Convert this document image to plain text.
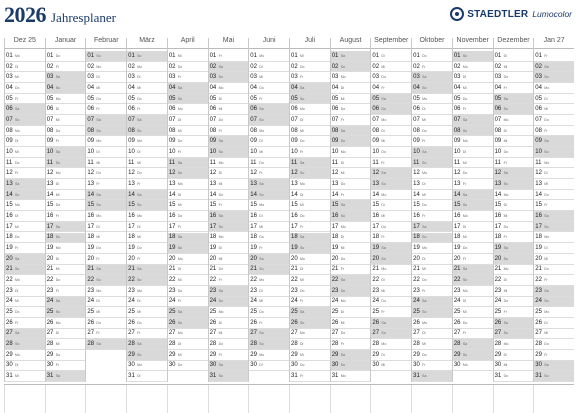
2026 Jahresplaner	STAEDTLER Lumocolor
Dez 25
01 Mo
02 Di
03 Mi
04 Do
05 Fr
06 Sa
07 So
08 Mo
09 Di
10 Mi
11 Do
12 Fr
13 Sa
14 So
15 Mo
16 Di
17 Mi
18 Do
19 Fr
20 Sa
21 So
22 Mo
23 Di
24 Mi
25 Do
26 Fr
27 Sa
28 So
29 Mo
30 Di
31 Mi
Januar
01 Do
02 Fr
03 Sa
04 So
05 Mo
06 Di
07 Mi
08 Do
09 Fr
10 Sa
11 So
12 Mo
13 Di
14 Mi
15 Do
16 Fr
17 Sa
18 So
19 Mo
20 Di
21 Mi
22 Do
23 Fr
24 Sa
25 So
26 Mo
27 Di
28 Mi
29 Do
30 Fr
31 Sa
Februar
01 So
02 Mo
03 Di
04 Mi
05 Do
06 Fr
07 Sa
08 So
09 Mo
10 Di
11 Mi
12 Do
13 Fr
14 Sa
15 So
16 Mo
17 Di
18 Mi
19 Do
20 Fr
21 Sa
22 So
23 Mo
24 Di
25 Mi
26 Do
27 Fr
28 Sa
März
01 So
02 Mo
03 Di
04 Mi
05 Do
06 Fr
07 Sa
08 So
09 Mo
10 Di
11 Mi
12 Do
13 Fr
14 Sa
15 So
16 Mo
17 Di
18 Mi
19 Do
20 Fr
21 Sa
22 So
23 Mo
24 Di
25 Mi
26 Do
27 Fr
28 Sa
29 So
30 Mo
31 Di
April
01 Mi
02 Do
03 Fr
04 Sa
05 So
06 Mo
07 Di
08 Mi
09 Do
10 Fr
11 Sa
12 So
13 Mo
14 Di
15 Mi
16 Do
17 Fr
18 Sa
19 So
20 Mo
21 Di
22 Mi
23 Do
24 Fr
25 Sa
26 So
27 Mo
28 Di
29 Mi
30 Do
Mai
01 Fr
02 Sa
03 So
04 Mo
05 Di
06 Mi
07 Do
08 Fr
09 Sa
10 So
11 Mo
12 Di
13 Mi
14 Do
15 Fr
16 Sa
17 So
18 Mo
19 Di
20 Mi
21 Do
22 Fr
23 Sa
24 So
25 Mo
26 Di
27 Mi
28 Do
29 Fr
30 Sa
31 So
Juni
01 Mo
02 Di
03 Mi
04 Do
05 Fr
06 Sa
07 So
08 Mo
09 Di
10 Mi
11 Do
12 Fr
13 Sa
14 So
15 Mo
16 Di
17 Mi
18 Do
19 Fr
20 Sa
21 So
22 Mo
23 Di
24 Mi
25 Do
26 Fr
27 Sa
28 So
29 Mo
30 Di
Juli
01 Mi
02 Do
03 Fr
04 Sa
05 So
06 Mo
07 Di
08 Mi
09 Do
10 Fr
11 Sa
12 So
13 Mo
14 Di
15 Mi
16 Do
17 Fr
18 Sa
19 So
20 Mo
21 Di
22 Mi
23 Do
24 Fr
25 Sa
26 So
27 Mo
28 Di
29 Mi
30 Do
31 Fr
August
01 Sa
02 So
03 Mo
04 Di
05 Mi
06 Do
07 Fr
08 Sa
09 So
10 Mo
11 Di
12 Mi
13 Do
14 Fr
15 Sa
16 So
17 Mo
18 Di
19 Mi
20 Do
21 Fr
22 Sa
23 So
24 Mo
25 Di
26 Mi
27 Do
28 Fr
29 Sa
30 So
31 Mo
September
01 Di
02 Mi
03 Do
04 Fr
05 Sa
06 So
07 Mo
08 Di
09 Mi
10 Do
11 Fr
12 Sa
13 So
14 Mo
15 Di
16 Mi
17 Do
18 Fr
19 Sa
20 So
21 Mo
22 Di
23 Mi
24 Do
25 Fr
26 Sa
27 So
28 Mo
29 Di
30 Mi
Oktober
01 Do
02 Fr
03 Sa
04 So
05 Mo
06 Di
07 Mi
08 Do
09 Fr
10 Sa
11 So
12 Mo
13 Di
14 Mi
15 Do
16 Fr
17 Sa
18 So
19 Mo
20 Di
21 Mi
22 Do
23 Fr
24 Sa
25 So
26 Mo
27 Di
28 Mi
29 Do
30 Fr
31 Sa
November
01 So
02 Mo
03 Di
04 Mi
05 Do
06 Fr
07 Sa
08 So
09 Mo
10 Di
11 Mi
12 Do
13 Fr
14 Sa
15 So
16 Mo
17 Di
18 Mi
19 Do
20 Fr
21 Sa
22 So
23 Mo
24 Di
25 Mi
26 Do
27 Fr
28 Sa
29 So
30 Mo
Dezember
01 Di
02 Mi
03 Do
04 Fr
05 Sa
06 So
07 Mo
08 Di
09 Mi
10 Do
11 Fr
12 Sa
13 So
14 Mo
15 Di
16 Mi
17 Do
18 Fr
19 Sa
20 So
21 Mo
22 Di
23 Mi
24 Do
25 Fr
26 Sa
27 So
28 Mo
29 Di
30 Mi
31 Do
Jan 27
01 Fr
02 Sa
03 So
04 Mo
05 Di
06 Mi
07 Do
08 Fr
09 Sa
10 So
11 Mo
12 Di
13 Mi
14 Do
15 Fr
16 Sa
17 So
18 Mo
19 Di
20 Mi
21 Do
22 Fr
23 Sa
24 So
25 Mo
26 Di
27 Mi
28 Do
29 Fr
30 Sa
31 So
